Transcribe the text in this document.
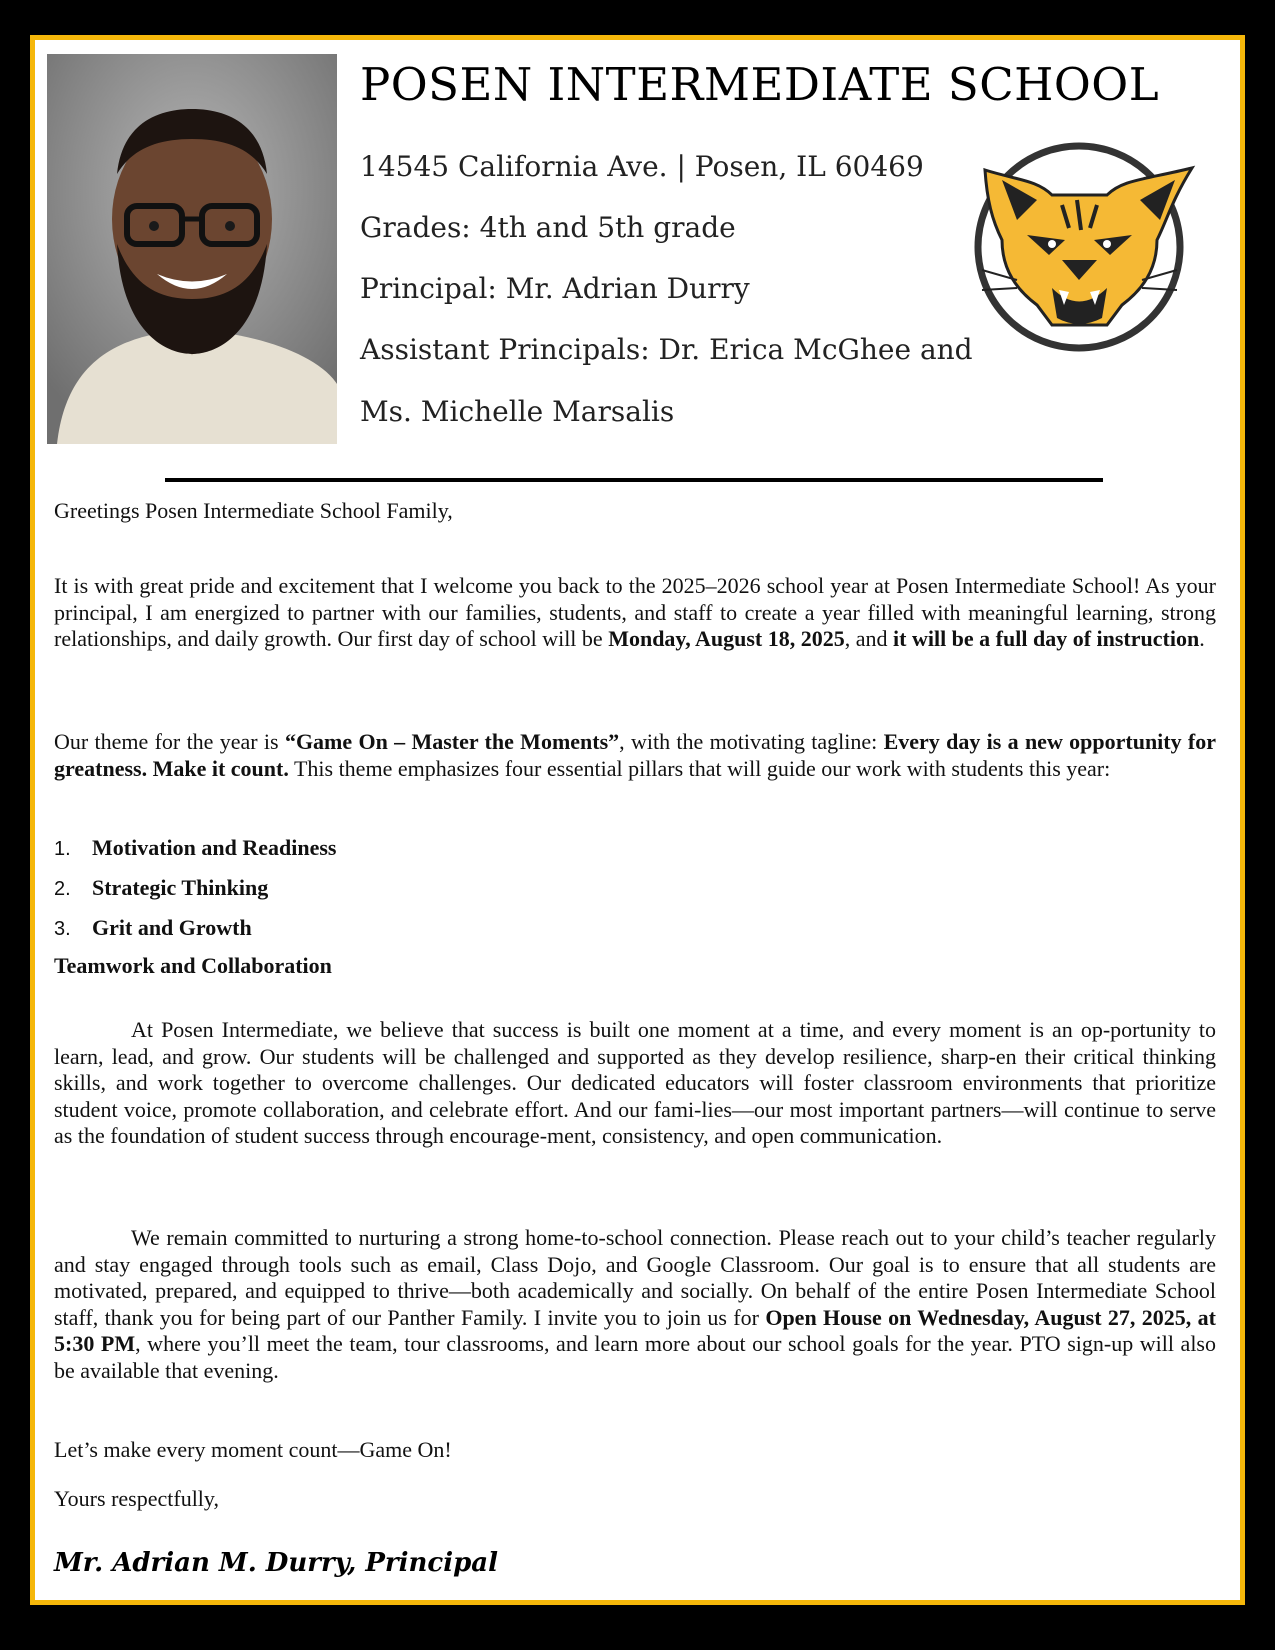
POSEN INTERMEDIATE SCHOOL
14545 California Ave. | Posen, IL 60469
Grades: 4th and 5th grade
Principal: Mr. Adrian Durry
Assistant Principals: Dr. Erica McGhee and
Ms. Michelle Marsalis
Greetings Posen Intermediate School Family,
It is with great pride and excitement that I welcome you back to the 2025–2026 school year at Posen Intermediate School! As your principal, I am energized to partner with our families, students, and staff to create a year filled with meaningful learning, strong relationships, and daily growth. Our first day of school will be Monday, August 18, 2025, and it will be a full day of instruction.
Our theme for the year is “Game On – Master the Moments”, with the motivating tagline: Every day is a new opportunity for greatness. Make it count. This theme emphasizes four essential pillars that will guide our work with students this year:
1. Motivation and Readiness
2. Strategic Thinking
3. Grit and Growth
Teamwork and Collaboration
At Posen Intermediate, we believe that success is built one moment at a time, and every moment is an op-portunity to learn, lead, and grow. Our students will be challenged and supported as they develop resilience, sharp-en their critical thinking skills, and work together to overcome challenges. Our dedicated educators will foster classroom environments that prioritize student voice, promote collaboration, and celebrate effort. And our fami-lies—our most important partners—will continue to serve as the foundation of student success through encourage-ment, consistency, and open communication.
We remain committed to nurturing a strong home-to-school connection. Please reach out to your child’s teacher regularly and stay engaged through tools such as email, Class Dojo, and Google Classroom. Our goal is to ensure that all students are motivated, prepared, and equipped to thrive—both academically and socially. On behalf of the entire Posen Intermediate School staff, thank you for being part of our Panther Family. I invite you to join us for Open House on Wednesday, August 27, 2025, at 5:30 PM, where you’ll meet the team, tour classrooms, and learn more about our school goals for the year. PTO sign-up will also be available that evening.
Let’s make every moment count—Game On!
Yours respectfully,
Mr. Adrian M. Durry, Principal
